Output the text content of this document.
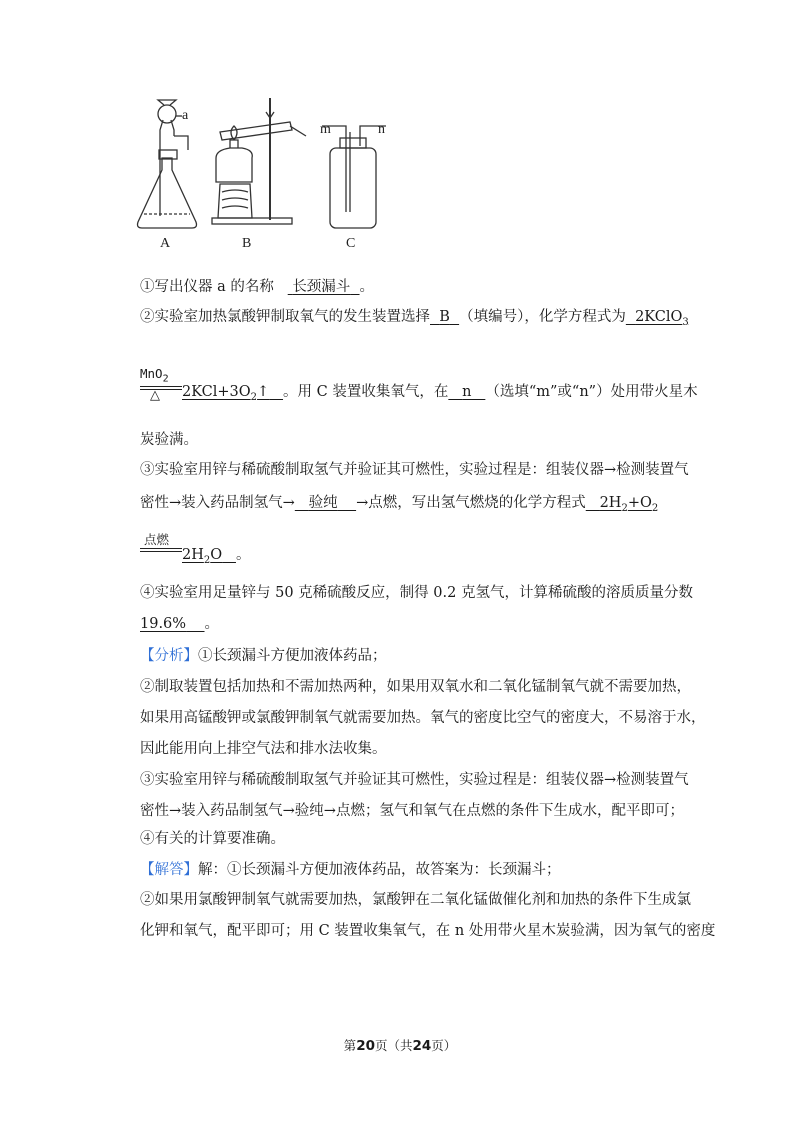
a
m	n
A	B	C
①写出仪器 a 的名称 长颈漏斗 。
②实验室加热氯酸钾制取氧气的发生装置选择 B （填编号），化学方程式为 2KClO$_3$
MnO$_2$
△ $2KCl+3O_2↑$ 。用 C 装置收集氧气，在 n （选填“m”或“n”）处用带火星木
炭验满。
③实验室用锌与稀硫酸制取氢气并验证其可燃性，实验过程是：组装仪器→检测装置气
密性→装入药品制氢气→ 验纯 →点燃，写出氢气燃烧的化学方程式 $2H_2+O_2$
点燃
$2H_2O$ 。
④实验室用足量锌与 50 克稀硫酸反应，制得 0.2 克氢气，计算稀硫酸的溶质质量分数
19.6% 。
【分析】①长颈漏斗方便加液体药品；
②制取装置包括加热和不需加热两种，如果用双氧水和二氧化锰制氧气就不需要加热，
如果用高锰酸钾或氯酸钾制氧气就需要加热。氧气的密度比空气的密度大，不易溶于水，
因此能用向上排空气法和排水法收集。
③实验室用锌与稀硫酸制取氢气并验证其可燃性，实验过程是：组装仪器→检测装置气
密性→装入药品制氢气→验纯→点燃；氢气和氧气在点燃的条件下生成水，配平即可；
④有关的计算要准确。
【解答】解：①长颈漏斗方便加液体药品，故答案为：长颈漏斗；
②如果用氯酸钾制氧气就需要加热，氯酸钾在二氧化锰做催化剂和加热的条件下生成氯
化钾和氧气，配平即可；用 C 装置收集氧气，在 n 处用带火星木炭验满，因为氧气的密度
第20页（共24页）
